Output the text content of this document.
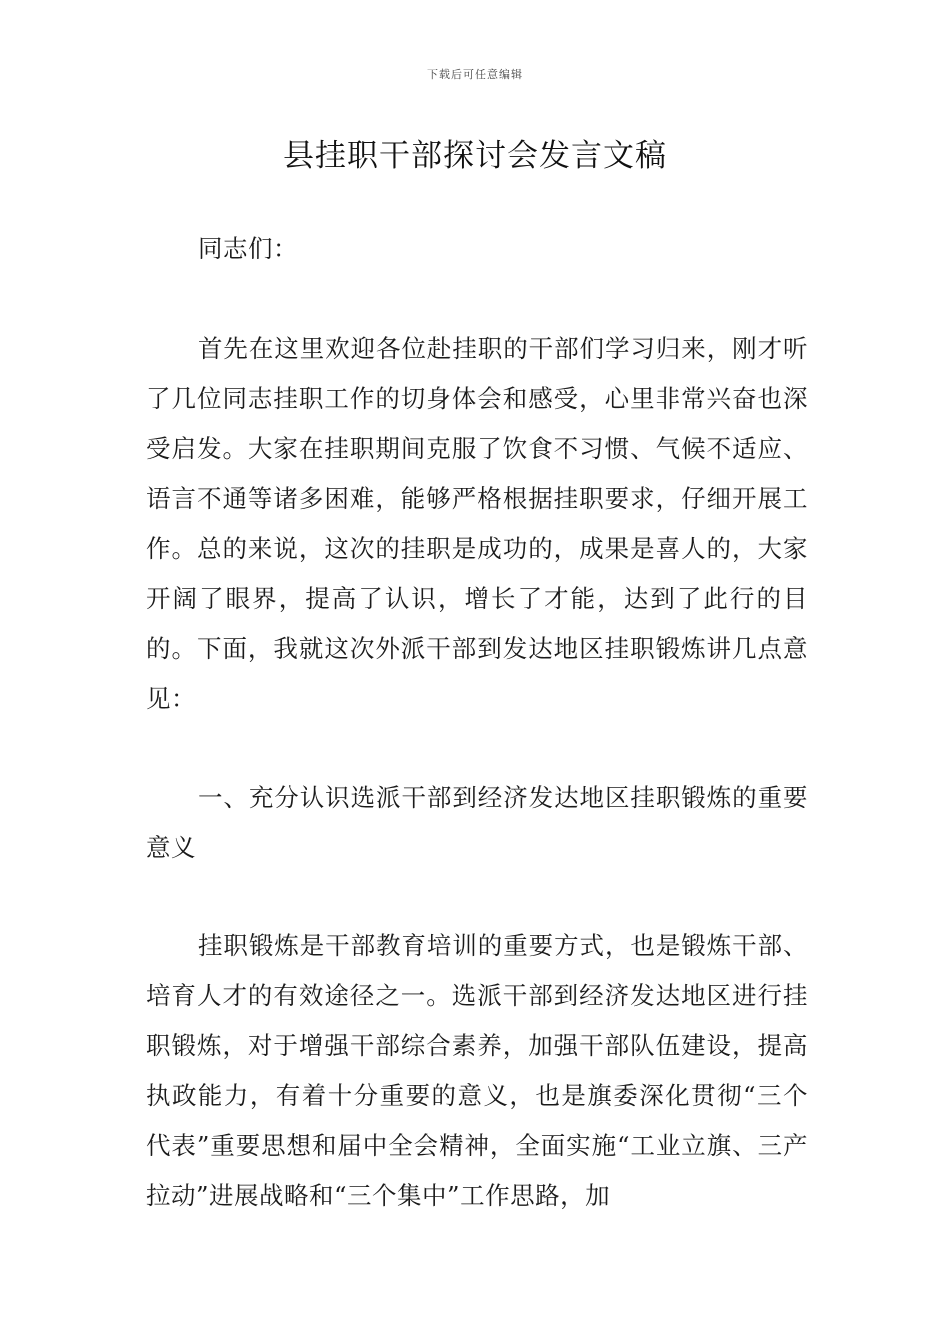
下载后可任意编辑
县挂职干部探讨会发言文稿

同志们：

首先在这里欢迎各位赴挂职的干部们学习归来，刚才听了几位同志挂职工作的切身体会和感受，心里非常兴奋也深受启发。大家在挂职期间克服了饮食不习惯、气候不适应、语言不通等诸多困难，能够严格根据挂职要求，仔细开展工作。总的来说，这次的挂职是成功的，成果是喜人的，大家开阔了眼界，提高了认识，增长了才能，达到了此行的目的。下面，我就这次外派干部到发达地区挂职锻炼讲几点意见：

一、充分认识选派干部到经济发达地区挂职锻炼的重要意义

挂职锻炼是干部教育培训的重要方式，也是锻炼干部、培育人才的有效途径之一。选派干部到经济发达地区进行挂职锻炼，对于增强干部综合素养，加强干部队伍建设，提高执政能力，有着十分重要的意义，也是旗委深化贯彻“三个代表”重要思想和届中全会精神，全面实施“工业立旗、三产拉动”进展战略和“三个集中”工作思路，加
